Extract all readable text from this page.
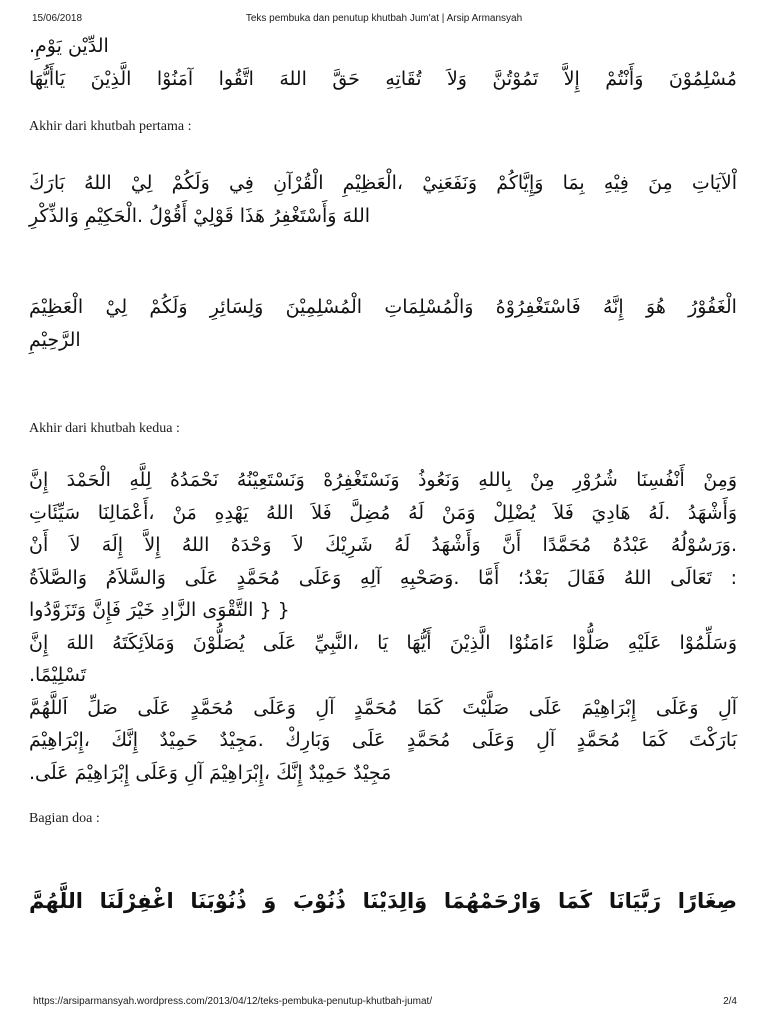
15/06/2018	Teks pembuka dan penutup khutbah Jum'at | Arsip Armansyah
.يَوْمِ ‎الدِّيْن
يَاأَيُّهَا ‎الَّذِيْنَ ‎آمَنُوْا ‎اتَّقُوا ‎اللهَ ‎حَقَّ ‎تُقَاتِهِ ‎وَلاَ ‎تَمُوْتُنَّ ‎إِلاَّ ‎وَأَنْتُمْ ‎مُسْلِمُوْنَ
Akhir dari khutbah pertama :
بَارَكَ ‎اللهُ ‎لِيْ ‎وَلَكُمْ ‎فِي ‎الْقُرْآنِ ‎الْعَظِيْمِ، ‎وَنَفَعَنِيْ ‎وَإِيَّاكُمْ ‎بِمَا ‎فِيْهِ ‎مِنَ ‎اْلآيَاتِ
وَالذِّكْرِ ‎الْحَكِيْمِ. ‎أَقُوْلُ ‎قَوْلِيْ ‎هَذَا ‎وَأَسْتَغْفِرُ ‎اللهَ
الْعَظِيْمَ ‎لِيْ ‎وَلَكُمْ ‎وَلِسَائِرِ ‎الْمُسْلِمِيْنَ ‎وَالْمُسْلِمَاتِ ‎فَاسْتَغْفِرُوْهُ ‎إِنَّهُ ‎هُوَ ‎الْغَفُوْرُ
الرَّحِيْمِ
Akhir dari khutbah kedua :
إِنَّ ‎الْحَمْدَ ‎لِلَّهِ ‎نَحْمَدُهُ ‎وَنَسْتَعِيْنُهُ ‎وَنَسْتَغْفِرُهْ ‎وَنَعُوذُ ‎بِاللهِ ‎مِنْ ‎شُرُوْرِ ‎أَنْفُسِنَا ‎وَمِنْ
سَيِّئَاتِ ‎أَعْمَالِنَا، ‎مَنْ ‎يَهْدِهِ ‎اللهُ ‎فَلاَ ‎مُضِلَّ ‎لَهُ ‎وَمَنْ ‎يُضْلِلْ ‎فَلاَ ‎هَادِيَ ‎لَهُ. ‎وَأَشْهَدُ
أَنْ ‎لاَ ‎إِلَهَ ‎إِلاَّ ‎اللهُ ‎وَحْدَهُ ‎لاَ ‎شَرِيْكَ ‎لَهُ ‎وَأَشْهَدُ ‎أَنَّ ‎مُحَمَّدًا ‎عَبْدُهُ ‎وَرَسُوْلُهُ.
وَالصَّلاَةُ ‎وَالسَّلاَمُ ‎عَلَى ‎مُحَمَّدٍ ‎وَعَلَى ‎آلِهِ ‎وَصَحْبِهِ. ‎أَمَّا ‎بَعْدُ؛ ‎فَقَالَ ‎اللهُ ‎تَعَالَى ‎:
وَتَزَوَّدُوا ‎فَإِنَّ ‎خَيْرَ ‎الزَّادِ ‎التَّقْوَى ‎} ‎}
إِنَّ ‎اللهَ ‎وَمَلاَئِكَتَهُ ‎يُصَلُّوْنَ ‎عَلَى ‎النَّبِيِّ، ‎يَا ‎أَيُّهَا ‎الَّذِيْنَ ‎ءَامَنُوْا ‎صَلُّوْا ‎عَلَيْهِ ‎وَسَلِّمُوْا
.تَسْلِيْمًا
اَللَّهُمَّ ‎صَلِّ ‎عَلَى ‎مُحَمَّدٍ ‎وَعَلَى ‎آلِ ‎مُحَمَّدٍ ‎كَمَا ‎صَلَّيْتَ ‎عَلَى ‎إِبْرَاهِيْمَ ‎وَعَلَى ‎آلِ
إِبْرَاهِيْمَ، ‎إِنَّكَ ‎حَمِيْدٌ ‎مَجِيْدٌ. ‎وَبَارِكْ ‎عَلَى ‎مُحَمَّدٍ ‎وَعَلَى ‎آلِ ‎مُحَمَّدٍ ‎كَمَا ‎بَارَكْتَ
.عَلَى ‎إِبْرَاهِيْمَ ‎وَعَلَى ‎آلِ ‎إِبْرَاهِيْمَ، ‎إِنَّكَ ‎حَمِيْدٌ ‎مَجِيْدٌ
Bagian doa :
اللَّهُمَّ ‎اغْفِرْلَنَا ‎ذُنُوْبَنَا ‎وَ ‎ذُنُوْبَ ‎وَالِدَيْنَا ‎وَارْحَمْهُمَا ‎كَمَا ‎رَبَّيَانَا ‎صِغَارًا
https://arsiparmansyah.wordpress.com/2013/04/12/teks-pembuka-penutup-khutbah-jumat/	2/4
